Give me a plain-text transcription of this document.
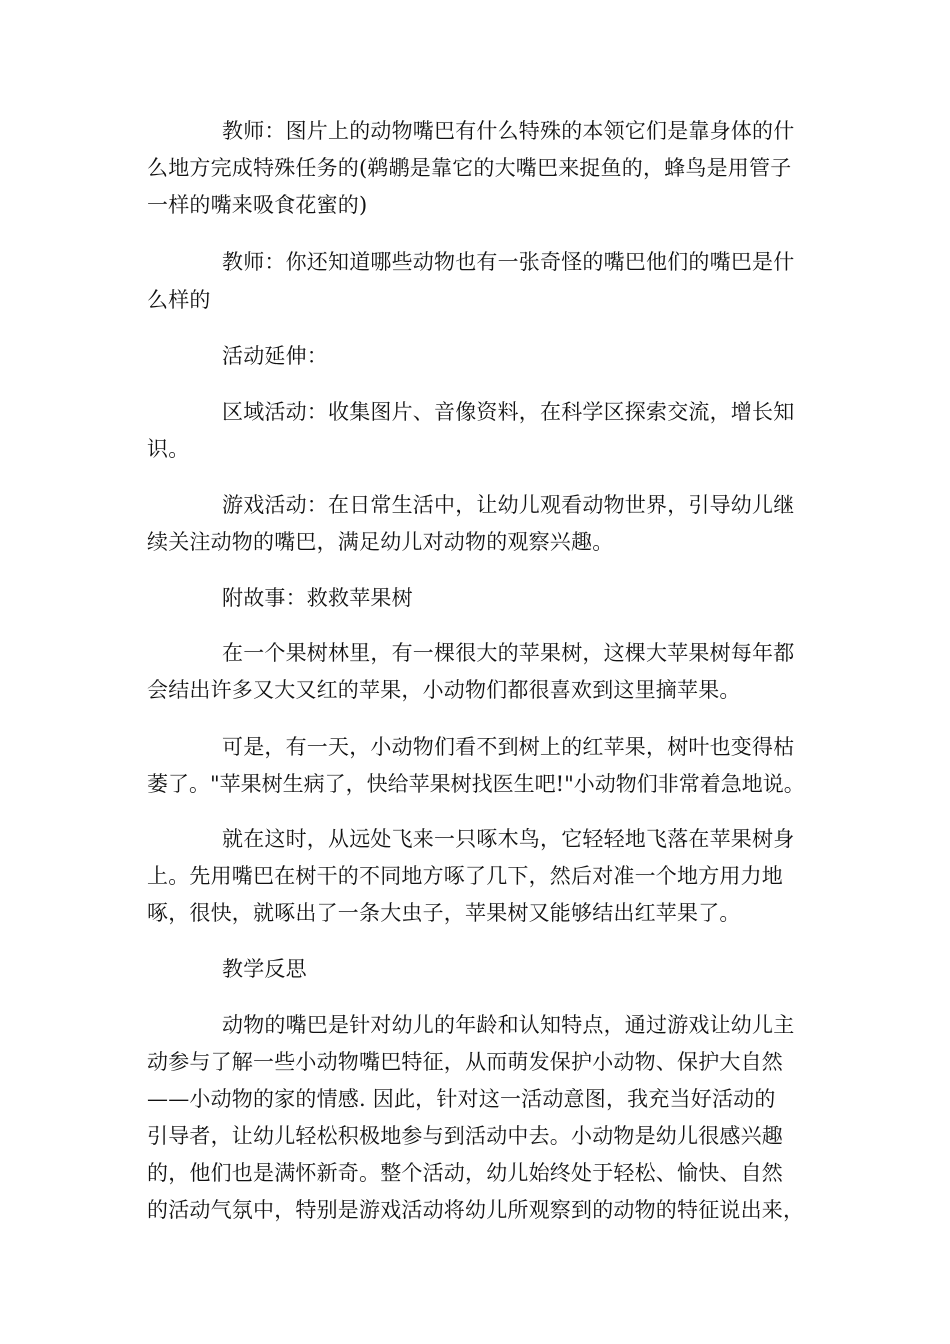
教师：图片上的动物嘴巴有什么特殊的本领它们是靠身体的什
么地方完成特殊任务的(鹈鹕是靠它的大嘴巴来捉鱼的，蜂鸟是用管子
一样的嘴来吸食花蜜的)
教师：你还知道哪些动物也有一张奇怪的嘴巴他们的嘴巴是什
么样的
活动延伸：
区域活动：收集图片、音像资料，在科学区探索交流，增长知
识。
游戏活动：在日常生活中，让幼儿观看动物世界，引导幼儿继
续关注动物的嘴巴，满足幼儿对动物的观察兴趣。
附故事：救救苹果树
在一个果树林里，有一棵很大的苹果树，这棵大苹果树每年都
会结出许多又大又红的苹果，小动物们都很喜欢到这里摘苹果。
可是，有一天，小动物们看不到树上的红苹果，树叶也变得枯
萎了。"苹果树生病了，快给苹果树找医生吧!"小动物们非常着急地说。
就在这时，从远处飞来一只啄木鸟，它轻轻地飞落在苹果树身
上。先用嘴巴在树干的不同地方啄了几下，然后对准一个地方用力地
啄，很快，就啄出了一条大虫子，苹果树又能够结出红苹果了。
教学反思
动物的嘴巴是针对幼儿的年龄和认知特点，通过游戏让幼儿主
动参与了解一些小动物嘴巴特征，从而萌发保护小动物、保护大自然
——小动物的家的情感. 因此，针对这一活动意图，我充当好活动的
引导者，让幼儿轻松积极地参与到活动中去。小动物是幼儿很感兴趣
的，他们也是满怀新奇。整个活动，幼儿始终处于轻松、愉快、自然
的活动气氛中，特别是游戏活动将幼儿所观察到的动物的特征说出来，
